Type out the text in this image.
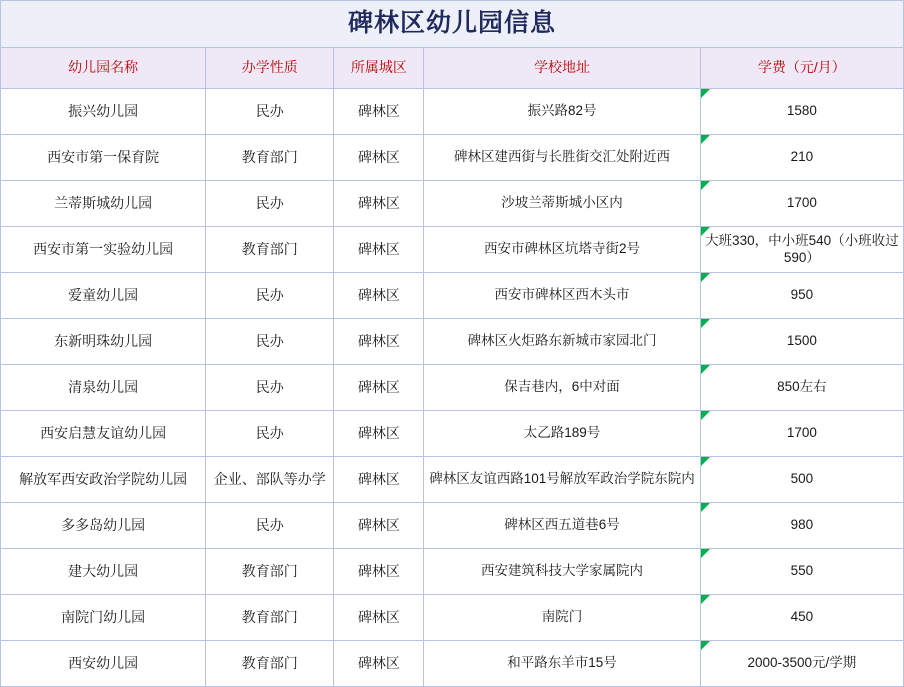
碑林区幼儿园信息				
幼儿园名称	办学性质	所属城区	学校地址	学费（元/月）
振兴幼儿园	民办	碑林区	振兴路82号	1580
西安市第一保育院	教育部门	碑林区	碑林区建西街与长胜街交汇处附近西	210
兰蒂斯城幼儿园	民办	碑林区	沙坡兰蒂斯城小区内	1700
西安市第一实验幼儿园	教育部门	碑林区	西安市碑林区坑塔寺街2号	大班330，中小班540（小班收过590）
爱童幼儿园	民办	碑林区	西安市碑林区西木头市	950
东新明珠幼儿园	民办	碑林区	碑林区火炬路东新城市家园北门	1500
清泉幼儿园	民办	碑林区	保吉巷内，6中对面	850左右
西安启慧友谊幼儿园	民办	碑林区	太乙路189号	1700
解放军西安政治学院幼儿园	企业、部队等办学	碑林区	碑林区友谊西路101号解放军政治学院东院内	500
多多岛幼儿园	民办	碑林区	碑林区西五道巷6号	980
建大幼儿园	教育部门	碑林区	西安建筑科技大学家属院内	550
南院门幼儿园	教育部门	碑林区	南院门	450
西安幼儿园	教育部门	碑林区	和平路东羊市15号	2000-3500元/学期
